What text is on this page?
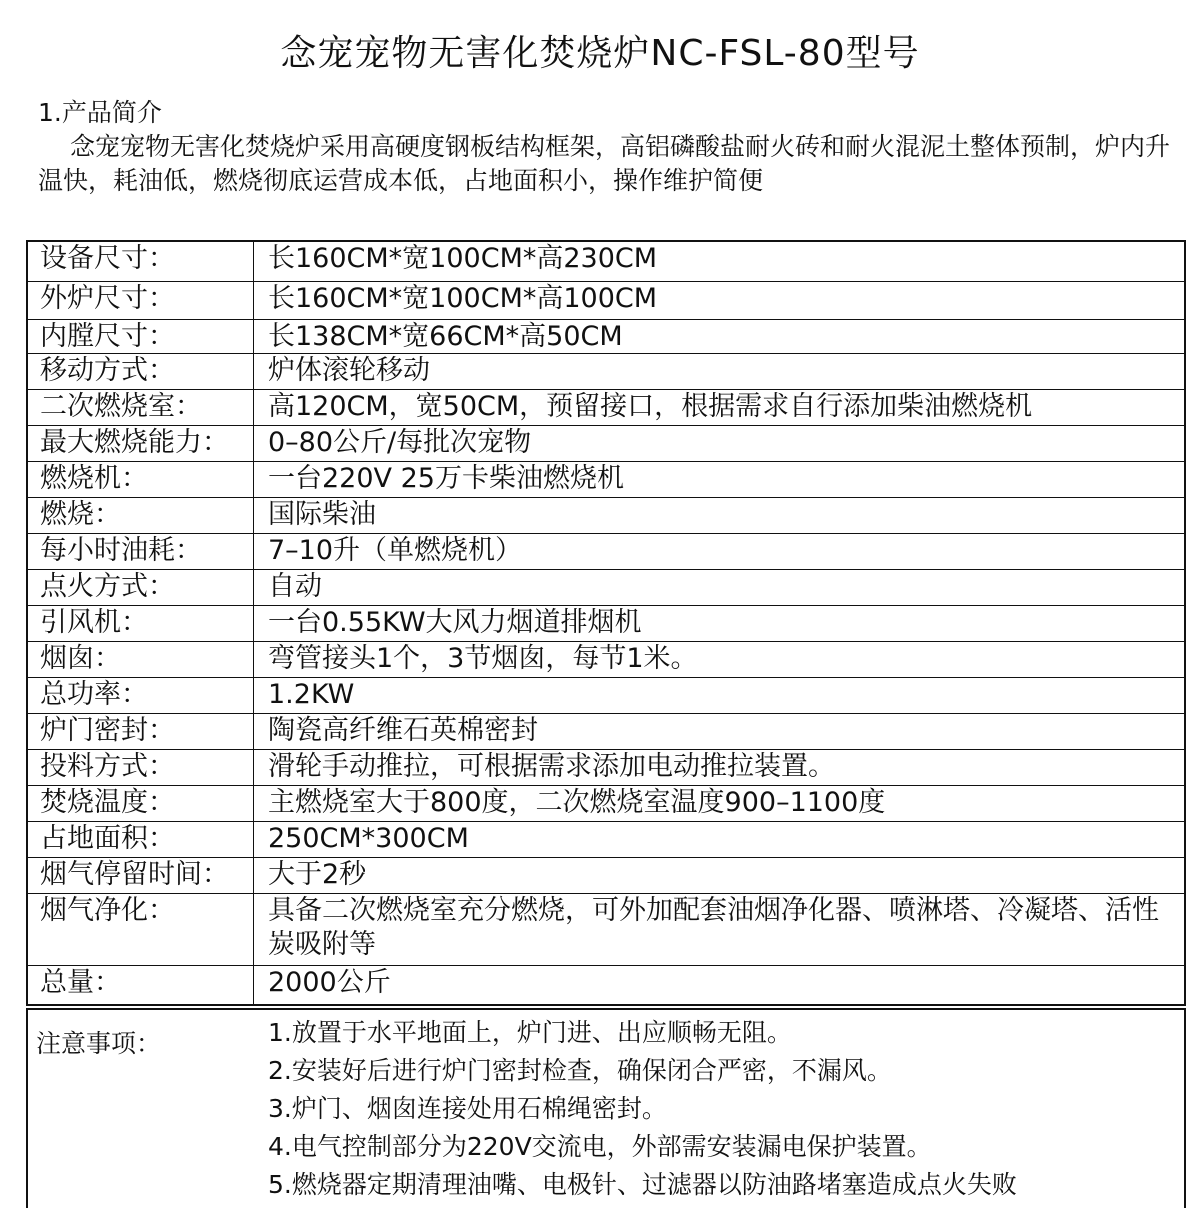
念宠宠物无害化焚烧炉NC-FSL-80型号

1.产品简介

念宠宠物无害化焚烧炉采用高硬度钢板结构框架，高铝磷酸盐耐火砖和耐火混泥土整体预制，炉内升温快，耗油低，燃烧彻底运营成本低，占地面积小，操作维护简便

设备尺寸：	长160CM*宽100CM*高230CM
外炉尺寸：	长160CM*宽100CM*高100CM
内膛尺寸：	长138CM*宽66CM*高50CM
移动方式：	炉体滚轮移动
二次燃烧室：	高120CM，宽50CM，预留接口，根据需求自行添加柴油燃烧机
最大燃烧能力：	0–80公斤/每批次宠物
燃烧机：	一台220V 25万卡柴油燃烧机
燃烧：	国际柴油
每小时油耗：	7–10升（单燃烧机）
点火方式：	自动
引风机：	一台0.55KW大风力烟道排烟机
烟囱：	弯管接头1个，3节烟囱，每节1米。
总功率：	1.2KW
炉门密封：	陶瓷高纤维石英棉密封
投料方式：	滑轮手动推拉，可根据需求添加电动推拉装置。
焚烧温度：	主燃烧室大于800度，二次燃烧室温度900–1100度
占地面积：	250CM*300CM
烟气停留时间：	大于2秒
烟气净化：	具备二次燃烧室充分燃烧，可外加配套油烟净化器、喷淋塔、冷凝塔、活性炭吸附等
总量：	2000公斤
注意事项：	1.放置于水平地面上，炉门进、出应顺畅无阻。
2.安装好后进行炉门密封检查，确保闭合严密，不漏风。
3.炉门、烟囱连接处用石棉绳密封。
4.电气控制部分为220V交流电，外部需安装漏电保护装置。
5.燃烧器定期清理油嘴、电极针、过滤器以防油路堵塞造成点火失败
